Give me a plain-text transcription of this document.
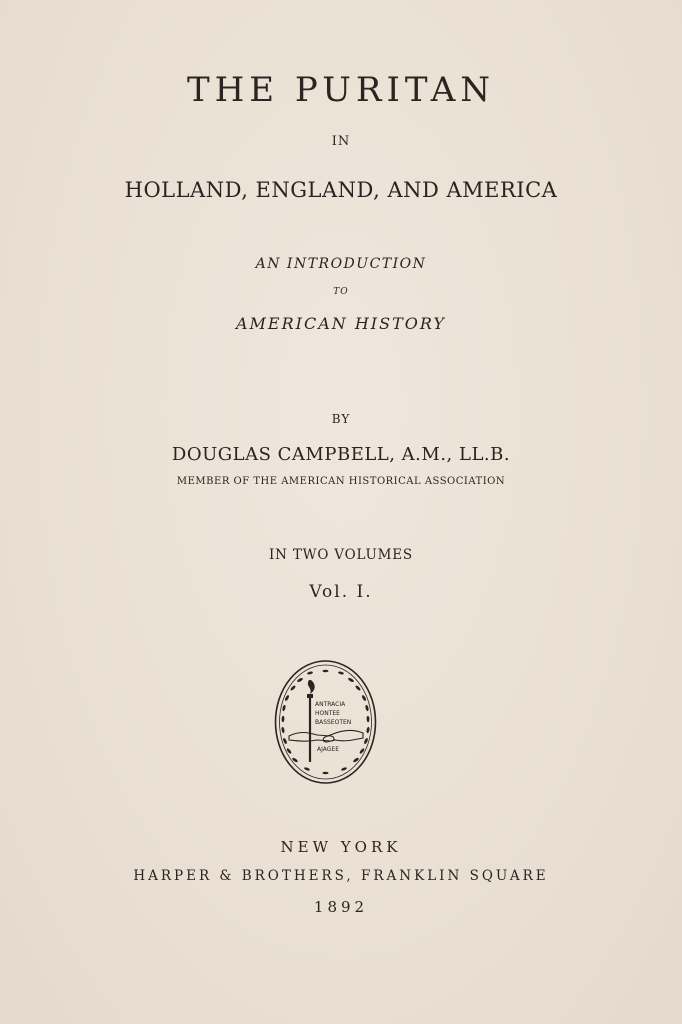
THE PURITAN
IN
HOLLAND, ENGLAND, AND AMERICA
AN INTRODUCTION
TO
AMERICAN HISTORY
BY
DOUGLAS CAMPBELL, A.M., LL.B.
MEMBER OF THE AMERICAN HISTORICAL ASSOCIATION
IN TWO VOLUMES
Vol. I.
ANTRACIA
HONTEE
BASSEOTEN
AJAGEE
NEW YORK
HARPER & BROTHERS, FRANKLIN SQUARE
1892
